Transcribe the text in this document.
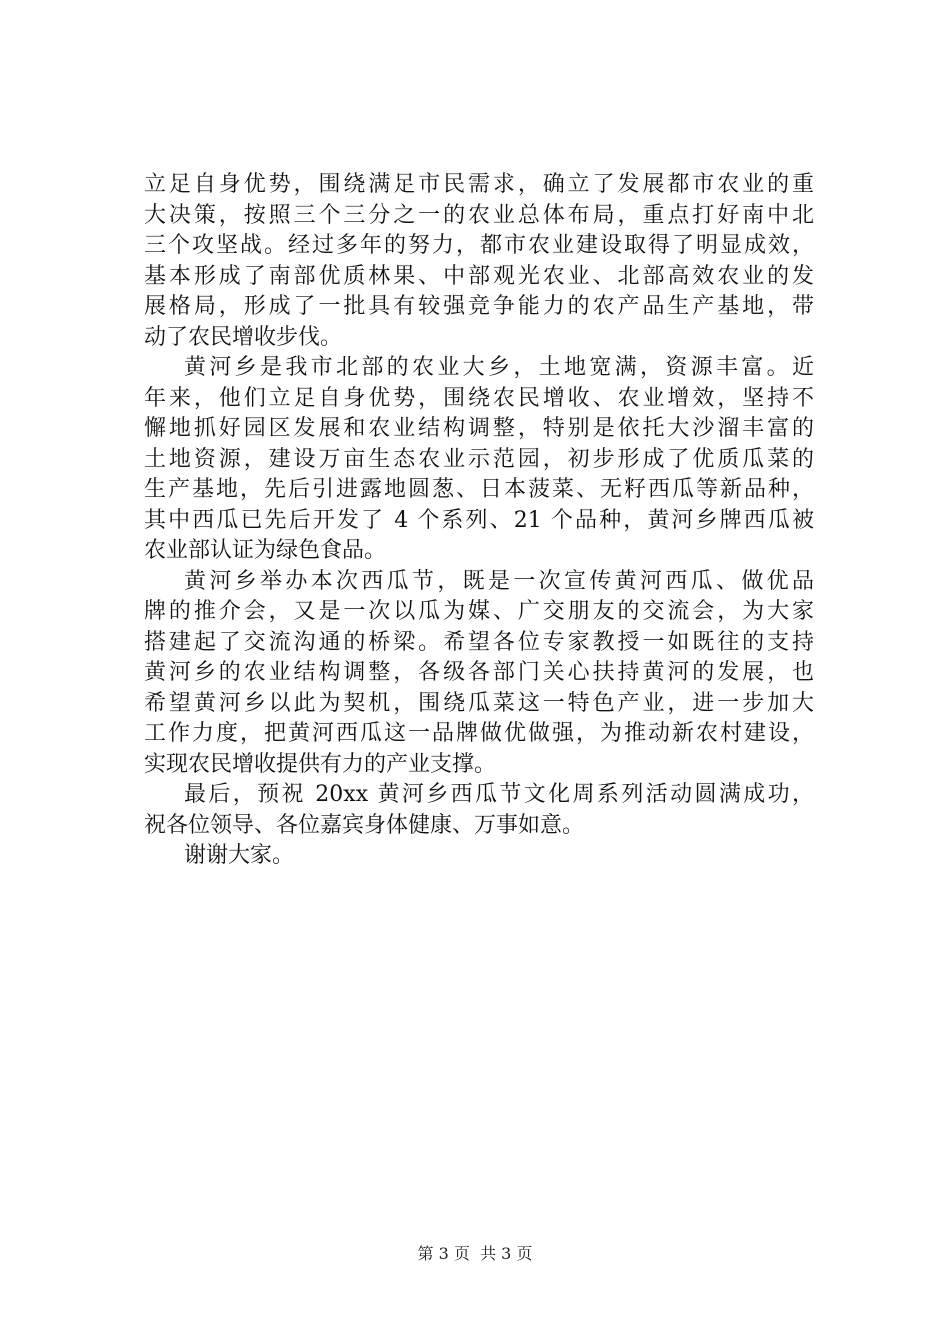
立足自身优势，围绕满足市民需求，确立了发展都市农业的重
大决策，按照三个三分之一的农业总体布局，重点打好南中北
三个攻坚战。经过多年的努力，都市农业建设取得了明显成效，
基本形成了南部优质林果、中部观光农业、北部高效农业的发
展格局，形成了一批具有较强竞争能力的农产品生产基地，带
动了农民增收步伐。
黄河乡是我市北部的农业大乡，土地宽满，资源丰富。近
年来，他们立足自身优势，围绕农民增收、农业增效，坚持不
懈地抓好园区发展和农业结构调整，特别是依托大沙溜丰富的
土地资源，建设万亩生态农业示范园，初步形成了优质瓜菜的
生产基地，先后引进露地圆葱、日本菠菜、无籽西瓜等新品种，
其中西瓜已先后开发了 4 个系列、21 个品种，黄河乡牌西瓜被
农业部认证为绿色食品。
黄河乡举办本次西瓜节，既是一次宣传黄河西瓜、做优品
牌的推介会，又是一次以瓜为媒、广交朋友的交流会，为大家
搭建起了交流沟通的桥梁。希望各位专家教授一如既往的支持
黄河乡的农业结构调整，各级各部门关心扶持黄河的发展，也
希望黄河乡以此为契机，围绕瓜菜这一特色产业，进一步加大
工作力度，把黄河西瓜这一品牌做优做强，为推动新农村建设，
实现农民增收提供有力的产业支撑。
最后，预祝 20xx 黄河乡西瓜节文化周系列活动圆满成功，
祝各位领导、各位嘉宾身体健康、万事如意。
谢谢大家。
第 3 页  共 3 页
